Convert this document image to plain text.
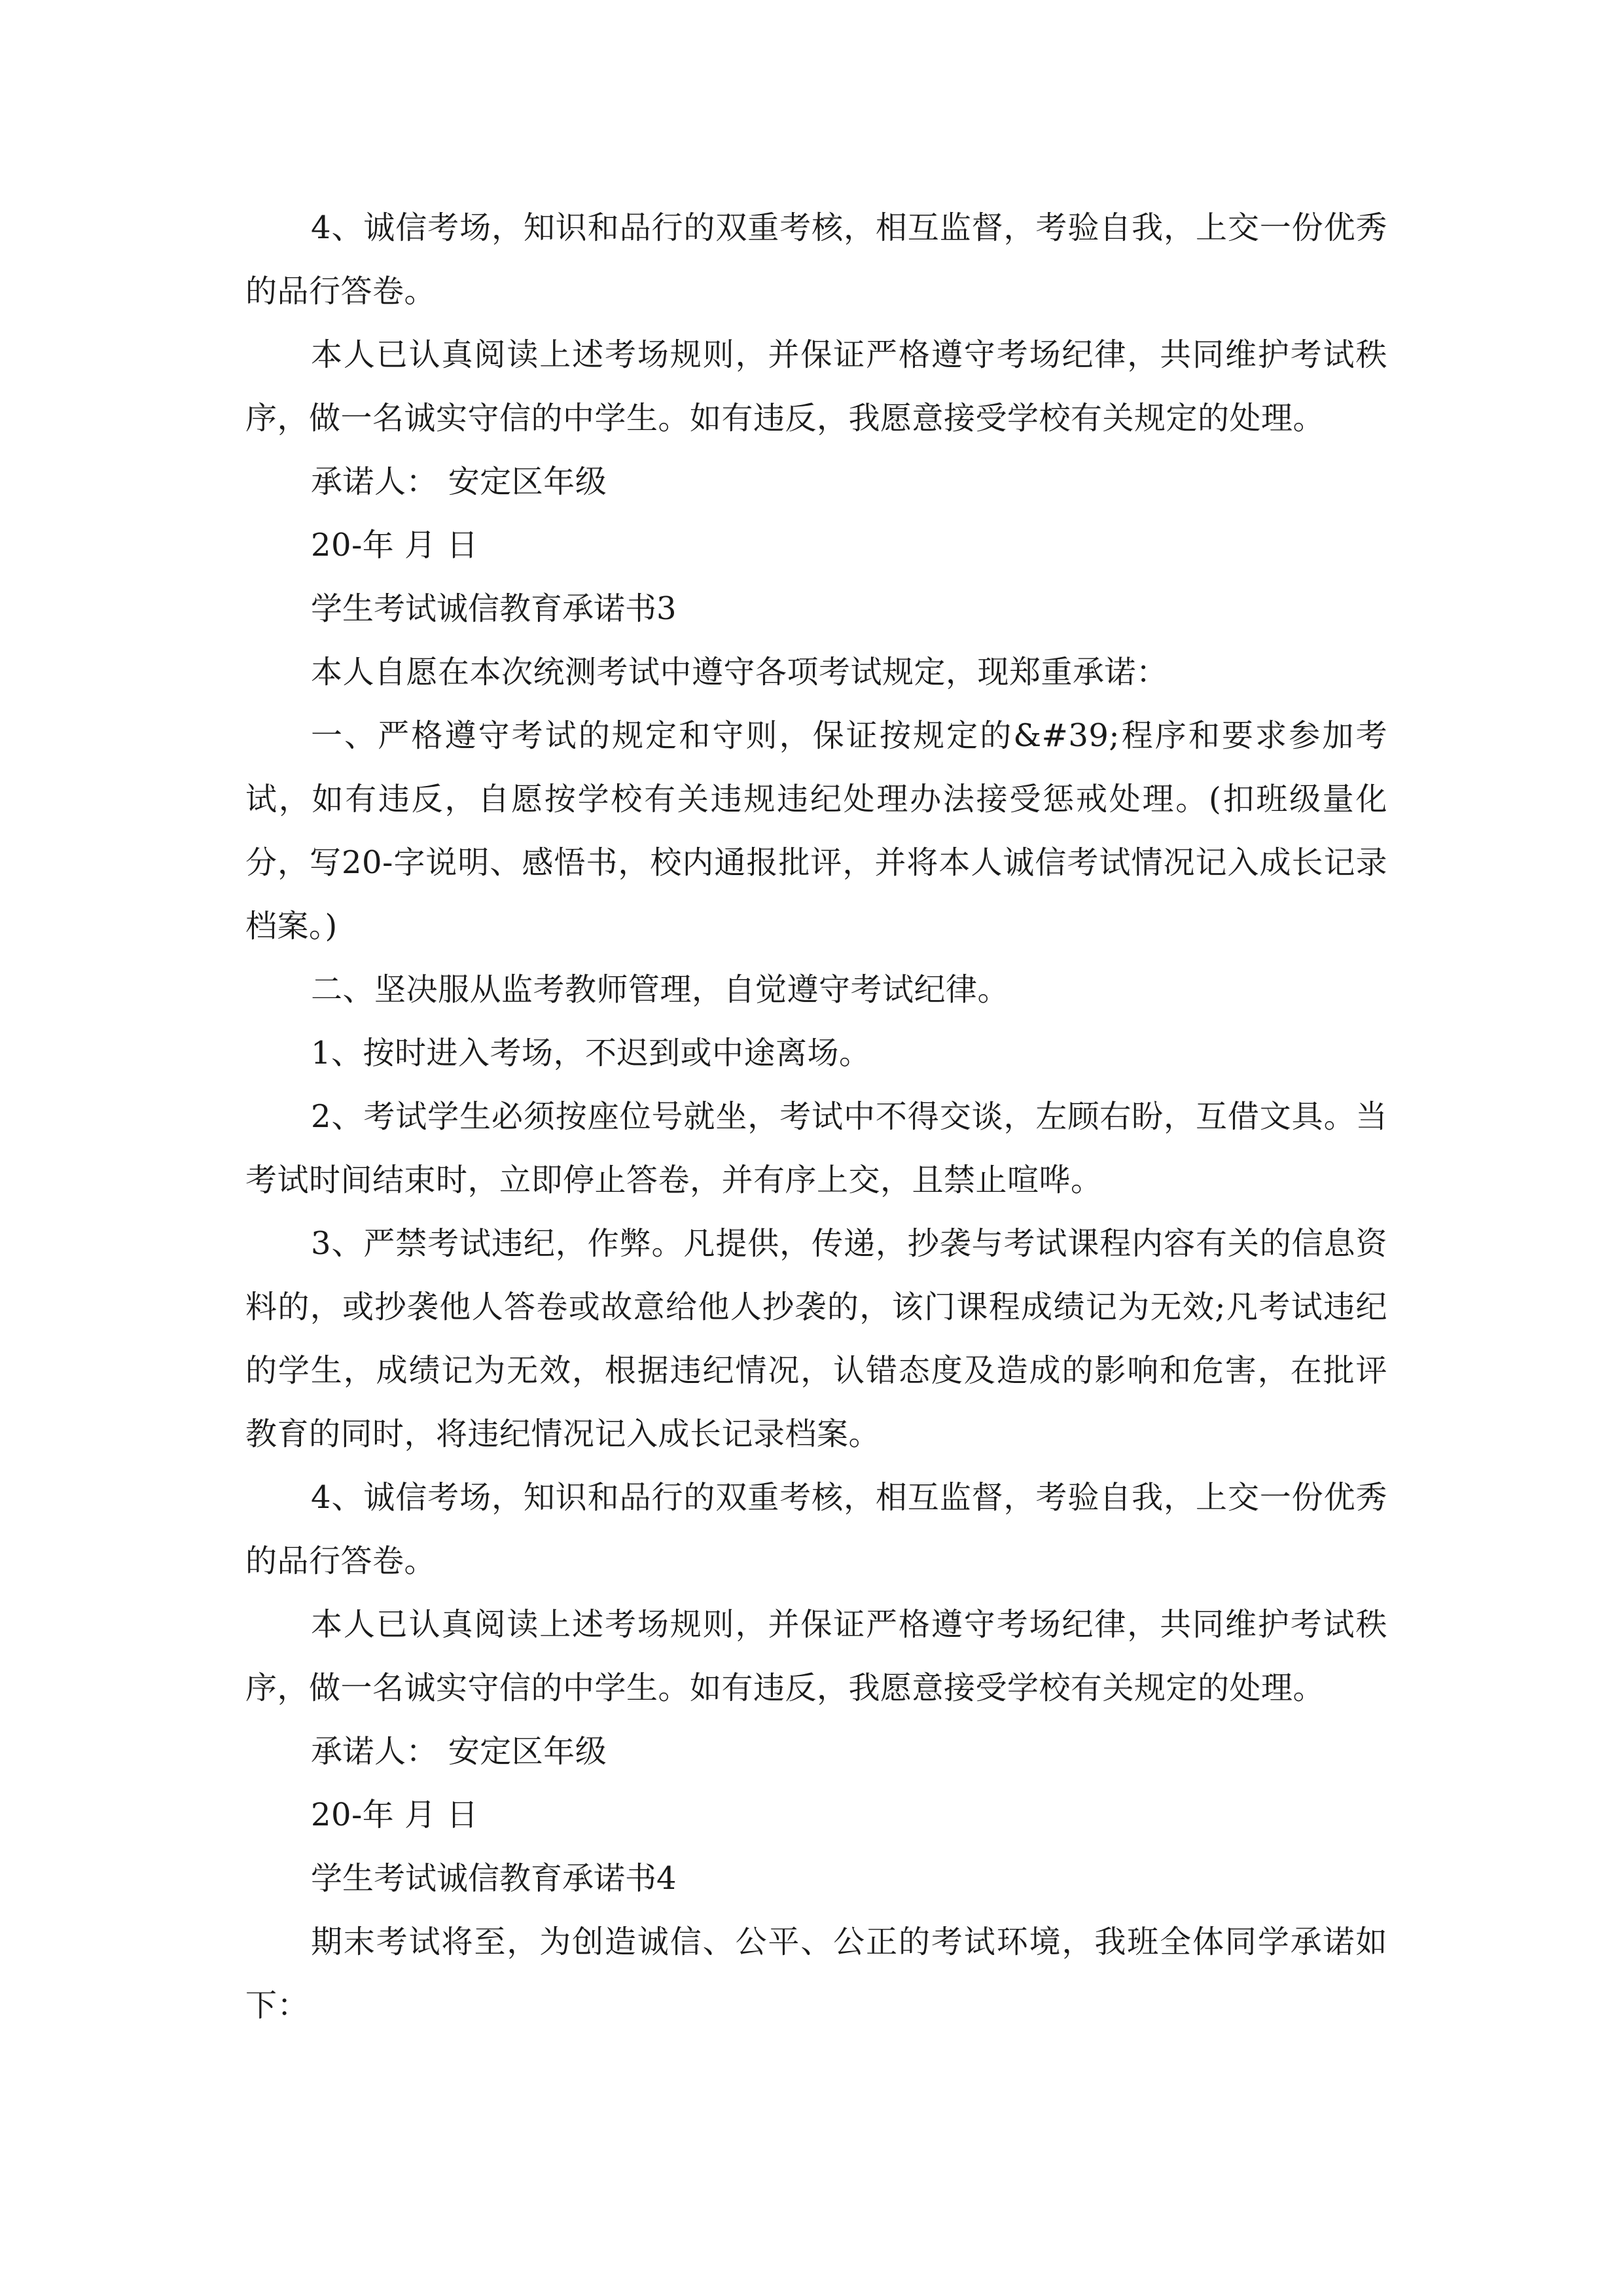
4、诚信考场，知识和品行的双重考核，相互监督，考验自我，上交一份优秀的品行答卷。

本人已认真阅读上述考场规则，并保证严格遵守考场纪律，共同维护考试秩序，做一名诚实守信的中学生。如有违反，我愿意接受学校有关规定的处理。

承诺人： 安定区年级

20-年 月 日

学生考试诚信教育承诺书3

本人自愿在本次统测考试中遵守各项考试规定，现郑重承诺：

一、严格遵守考试的规定和守则，保证按规定的&#39;程序和要求参加考试，如有违反，自愿按学校有关违规违纪处理办法接受惩戒处理。(扣班级量化分，写20-字说明、感悟书，校内通报批评，并将本人诚信考试情况记入成长记录档案。)

二、坚决服从监考教师管理，自觉遵守考试纪律。

1、按时进入考场，不迟到或中途离场。

2、考试学生必须按座位号就坐，考试中不得交谈，左顾右盼，互借文具。当考试时间结束时，立即停止答卷，并有序上交，且禁止喧哗。

3、严禁考试违纪，作弊。凡提供，传递，抄袭与考试课程内容有关的信息资料的，或抄袭他人答卷或故意给他人抄袭的，该门课程成绩记为无效;凡考试违纪的学生，成绩记为无效，根据违纪情况，认错态度及造成的影响和危害，在批评教育的同时，将违纪情况记入成长记录档案。

4、诚信考场，知识和品行的双重考核，相互监督，考验自我，上交一份优秀的品行答卷。

本人已认真阅读上述考场规则，并保证严格遵守考场纪律，共同维护考试秩序，做一名诚实守信的中学生。如有违反，我愿意接受学校有关规定的处理。

承诺人： 安定区年级

20-年 月 日

学生考试诚信教育承诺书4

期末考试将至，为创造诚信、公平、公正的考试环境，我班全体同学承诺如下：
